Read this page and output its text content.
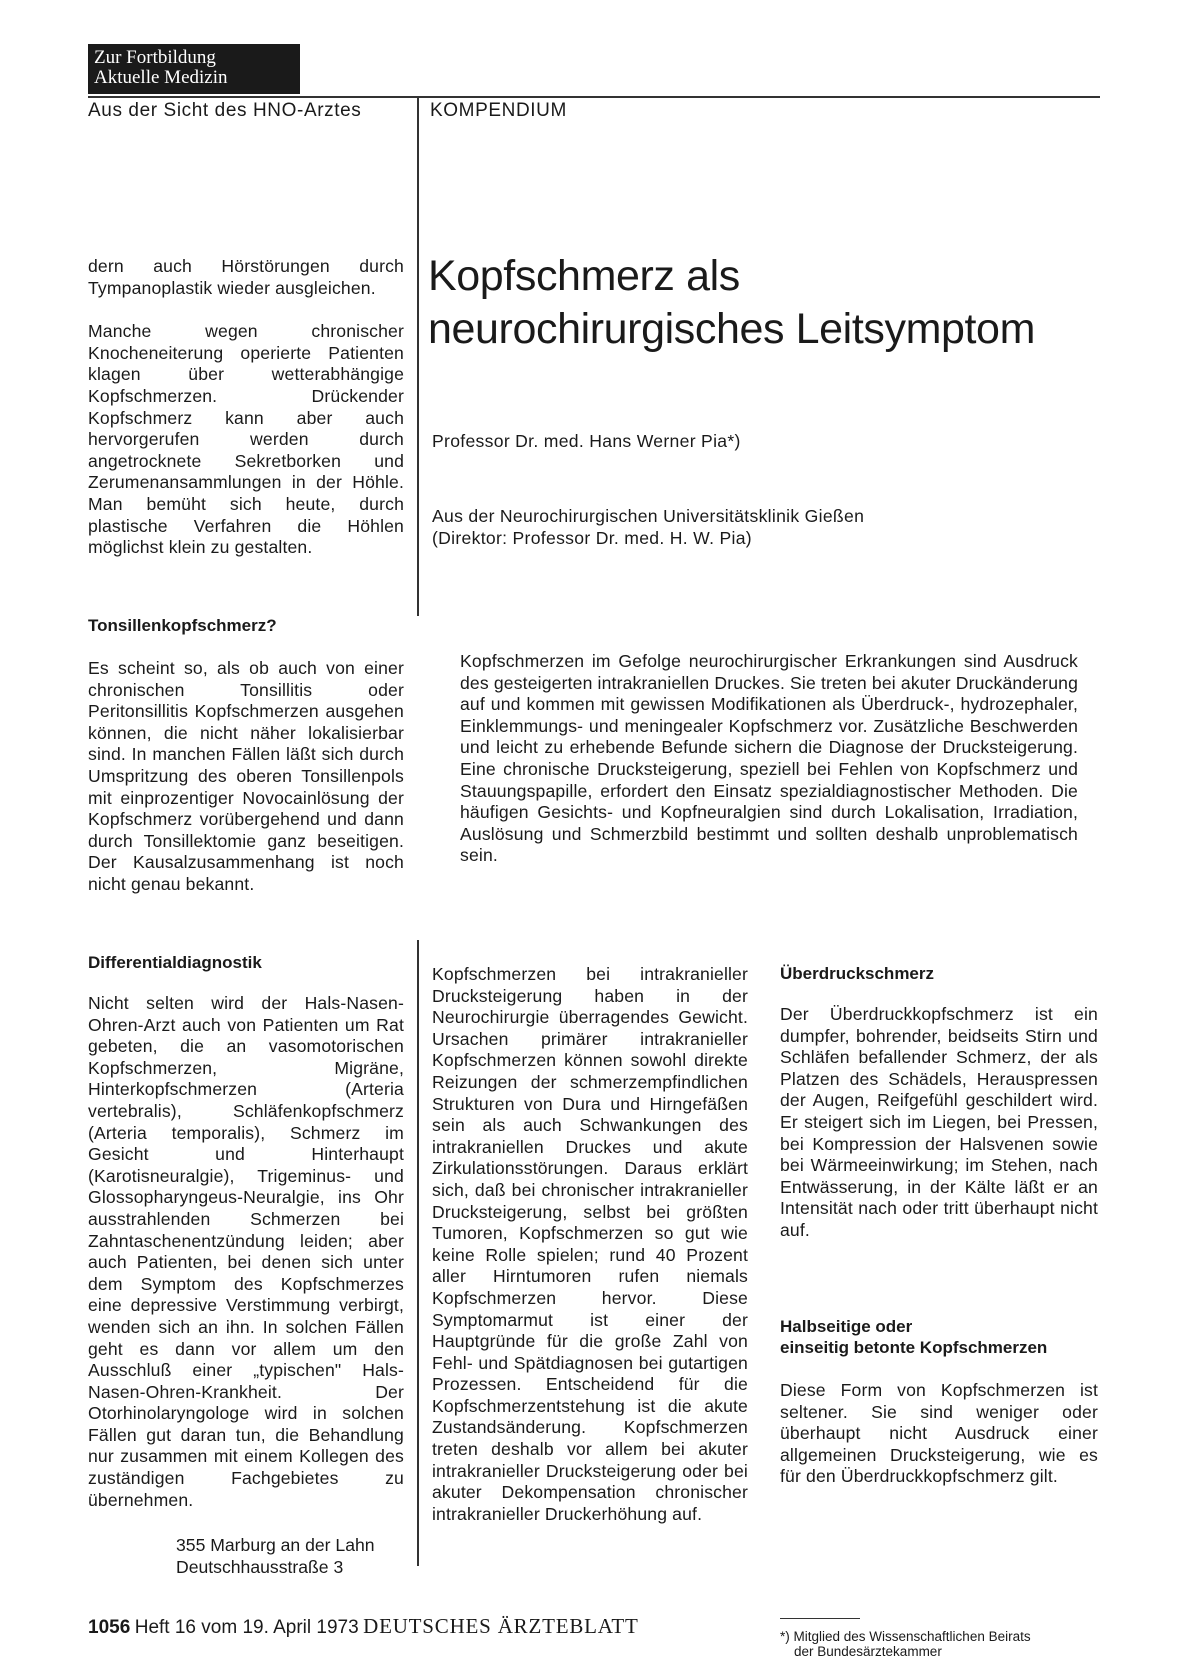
Zur Fortbildung
Aktuelle Medizin
Aus der Sicht des HNO-Arztes	KOMPENDIUM

dern auch Hörstörungen durch Tympanoplastik wieder ausgleichen.

Manche wegen chronischer Knocheneiterung operierte Patienten klagen über wetterabhängige Kopfschmerzen. Drückender Kopfschmerz kann aber auch hervorgerufen werden durch angetrocknete Sekretborken und Zerumenansammlungen in der Höhle. Man bemüht sich heute, durch plastische Verfahren die Höhlen möglichst klein zu gestalten.

Tonsillenkopfschmerz?
Es scheint so, als ob auch von einer chronischen Tonsillitis oder Peritonsillitis Kopfschmerzen ausgehen können, die nicht näher lokalisierbar sind. In manchen Fällen läßt sich durch Umspritzung des oberen Tonsillenpols mit einprozentiger Novocainlösung der Kopfschmerz vorübergehend und dann durch Tonsillektomie ganz beseitigen. Der Kausalzusammenhang ist noch nicht genau bekannt.
Differentialdiagnostik
Nicht selten wird der Hals-Nasen-Ohren-Arzt auch von Patienten um Rat gebeten, die an vasomotorischen Kopfschmerzen, Migräne, Hinterkopfschmerzen (Arteria vertebralis), Schläfenkopfschmerz (Arteria temporalis), Schmerz im Gesicht und Hinterhaupt (Karotisneuralgie), Trigeminus- und Glossopharyngeus-Neuralgie, ins Ohr ausstrahlenden Schmerzen bei Zahntaschenentzündung leiden; aber auch Patienten, bei denen sich unter dem Symptom des Kopfschmerzes eine depressive Verstimmung verbirgt, wenden sich an ihn. In solchen Fällen geht es dann vor allem um den Ausschluß einer „typischen" Hals-Nasen-Ohren-Krankheit. Der Otorhinolaryngologe wird in solchen Fällen gut daran tun, die Behandlung nur zusammen mit einem Kollegen des zuständigen Fachgebietes zu übernehmen.
355 Marburg an der Lahn
Deutschhausstraße 3
Kopfschmerz als
neurochirurgisches Leitsymptom
Professor Dr. med. Hans Werner Pia*)
Aus der Neurochirurgischen Universitätsklinik Gießen
(Direktor: Professor Dr. med. H. W. Pia)
Kopfschmerzen im Gefolge neurochirurgischer Erkrankungen sind Ausdruck des gesteigerten intrakraniellen Druckes. Sie treten bei akuter Druckänderung auf und kommen mit gewissen Modifikationen als Überdruck-, hydrozephaler, Einklemmungs- und meningealer Kopfschmerz vor. Zusätzliche Beschwerden und leicht zu erhebende Befunde sichern die Diagnose der Drucksteigerung. Eine chronische Drucksteigerung, speziell bei Fehlen von Kopfschmerz und Stauungspapille, erfordert den Einsatz spezialdiagnostischer Methoden. Die häufigen Gesichts- und Kopfneuralgien sind durch Lokalisation, Irradiation, Auslösung und Schmerzbild bestimmt und sollten deshalb unproblematisch sein.
Kopfschmerzen bei intrakranieller Drucksteigerung haben in der Neurochirurgie überragendes Gewicht. Ursachen primärer intrakranieller Kopfschmerzen können sowohl direkte Reizungen der schmerzempfindlichen Strukturen von Dura und Hirngefäßen sein als auch Schwankungen des intrakraniellen Druckes und akute Zirkulationsstörungen. Daraus erklärt sich, daß bei chronischer intrakranieller Drucksteigerung, selbst bei größten Tumoren, Kopfschmerzen so gut wie keine Rolle spielen; rund 40 Prozent aller Hirntumoren rufen niemals Kopfschmerzen hervor. Diese Symptomarmut ist einer der Hauptgründe für die große Zahl von Fehl- und Spätdiagnosen bei gutartigen Prozessen. Entscheidend für die Kopfschmerzentstehung ist die akute Zustandsänderung. Kopfschmerzen treten deshalb vor allem bei akuter intrakranieller Drucksteigerung oder bei akuter Dekompensation chronischer intrakranieller Druckerhöhung auf.
Überdruckschmerz
Der Überdruckkopfschmerz ist ein dumpfer, bohrender, beidseits Stirn und Schläfen befallender Schmerz, der als Platzen des Schädels, Herauspressen der Augen, Reifgefühl geschildert wird. Er steigert sich im Liegen, bei Pressen, bei Kompression der Halsvenen sowie bei Wärmeeinwirkung; im Stehen, nach Entwässerung, in der Kälte läßt er an Intensität nach oder tritt überhaupt nicht auf.
Halbseitige oder
einseitig betonte Kopfschmerzen
Diese Form von Kopfschmerzen ist seltener. Sie sind weniger oder überhaupt nicht Ausdruck einer allgemeinen Drucksteigerung, wie es für den Überdruckkopfschmerz gilt.
*) Mitglied des Wissenschaftlichen Beirats
der Bundesärztekammer
1056 Heft 16 vom 19. April 1973 DEUTSCHES ÄRZTEBLATT
